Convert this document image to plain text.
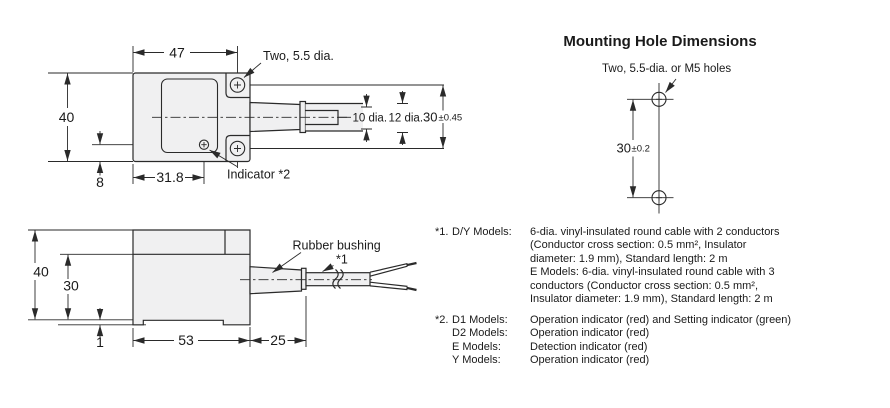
47
40
8	31.8
10 dia. 12 dia. 30 ±0.45
Two, 5.5 dia.
Indicator *2
40
30
1	53	25
Rubber bushing
*1
30 ±0.2
Mounting Hole Dimensions
Two, 5.5-dia. or M5 holes
*1. D/Y Models: 6-dia. vinyl-insulated round cable with 2 conductors
(Conductor cross section: 0.5 mm², Insulator
diameter: 1.9 mm), Standard length: 2 m
E Models: 6-dia. vinyl-insulated round cable with 3
conductors (Conductor cross section: 0.5 mm²,
Insulator diameter: 1.9 mm), Standard length: 2 m
*2. D1 Models:	Operation indicator (red) and Setting indicator (green)
D2 Models:	Operation indicator (red)
E Models:	Detection indicator (red)
Y Models:	Operation indicator (red)
